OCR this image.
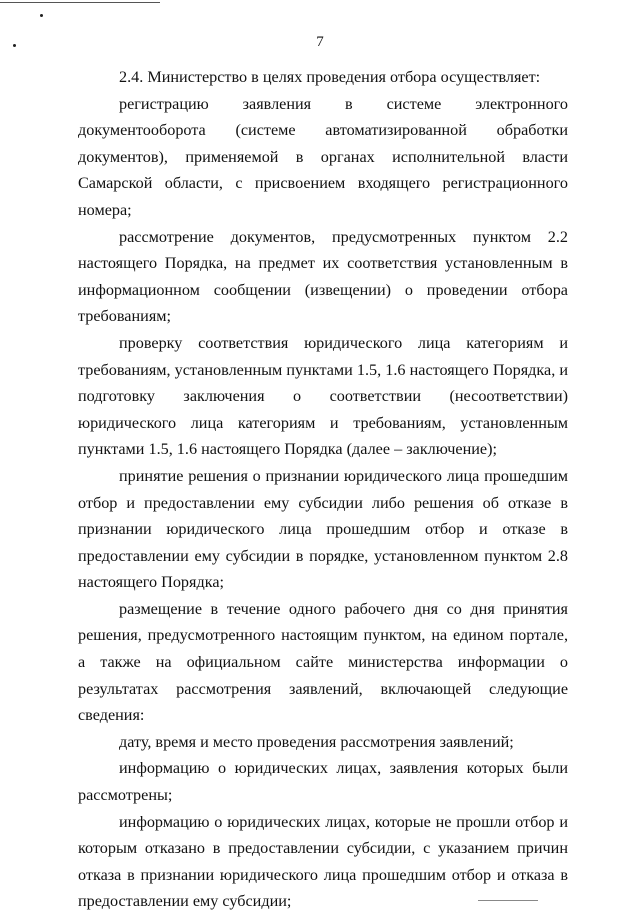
7

2.4. Министерство в целях проведения отбора осуществляет:

регистрацию заявления в системе электронного документооборота (системе автоматизированной обработки документов), применяемой в органах исполнительной власти Самарской области, с присвоением входящего регистрационного номера;

рассмотрение документов, предусмотренных пунктом 2.2 настоящего Порядка, на предмет их соответствия установленным в информационном сообщении (извещении) о проведении отбора требованиям;

проверку соответствия юридического лица категориям и требованиям, установленным пунктами 1.5, 1.6 настоящего Порядка, и подготовку заключения о соответствии (несоответствии) юридического лица категориям и требованиям, установленным пунктами 1.5, 1.6 настоящего Порядка (далее – заключение);

принятие решения о признании юридического лица прошедшим отбор и предоставлении ему субсидии либо решения об отказе в признании юридического лица прошедшим отбор и отказе в предоставлении ему субсидии в порядке, установленном пунктом 2.8 настоящего Порядка;

размещение в течение одного рабочего дня со дня принятия решения, предусмотренного настоящим пунктом, на едином портале, а также на официальном сайте министерства информации о результатах рассмотрения заявлений, включающей следующие сведения:

дату, время и место проведения рассмотрения заявлений;

информацию о юридических лицах, заявления которых были рассмотрены;

информацию о юридических лицах, которые не прошли отбор и которым отказано в предоставлении субсидии, с указанием причин отказа в признании юридического лица прошедшим отбор и отказа в предоставлении ему субсидии;
